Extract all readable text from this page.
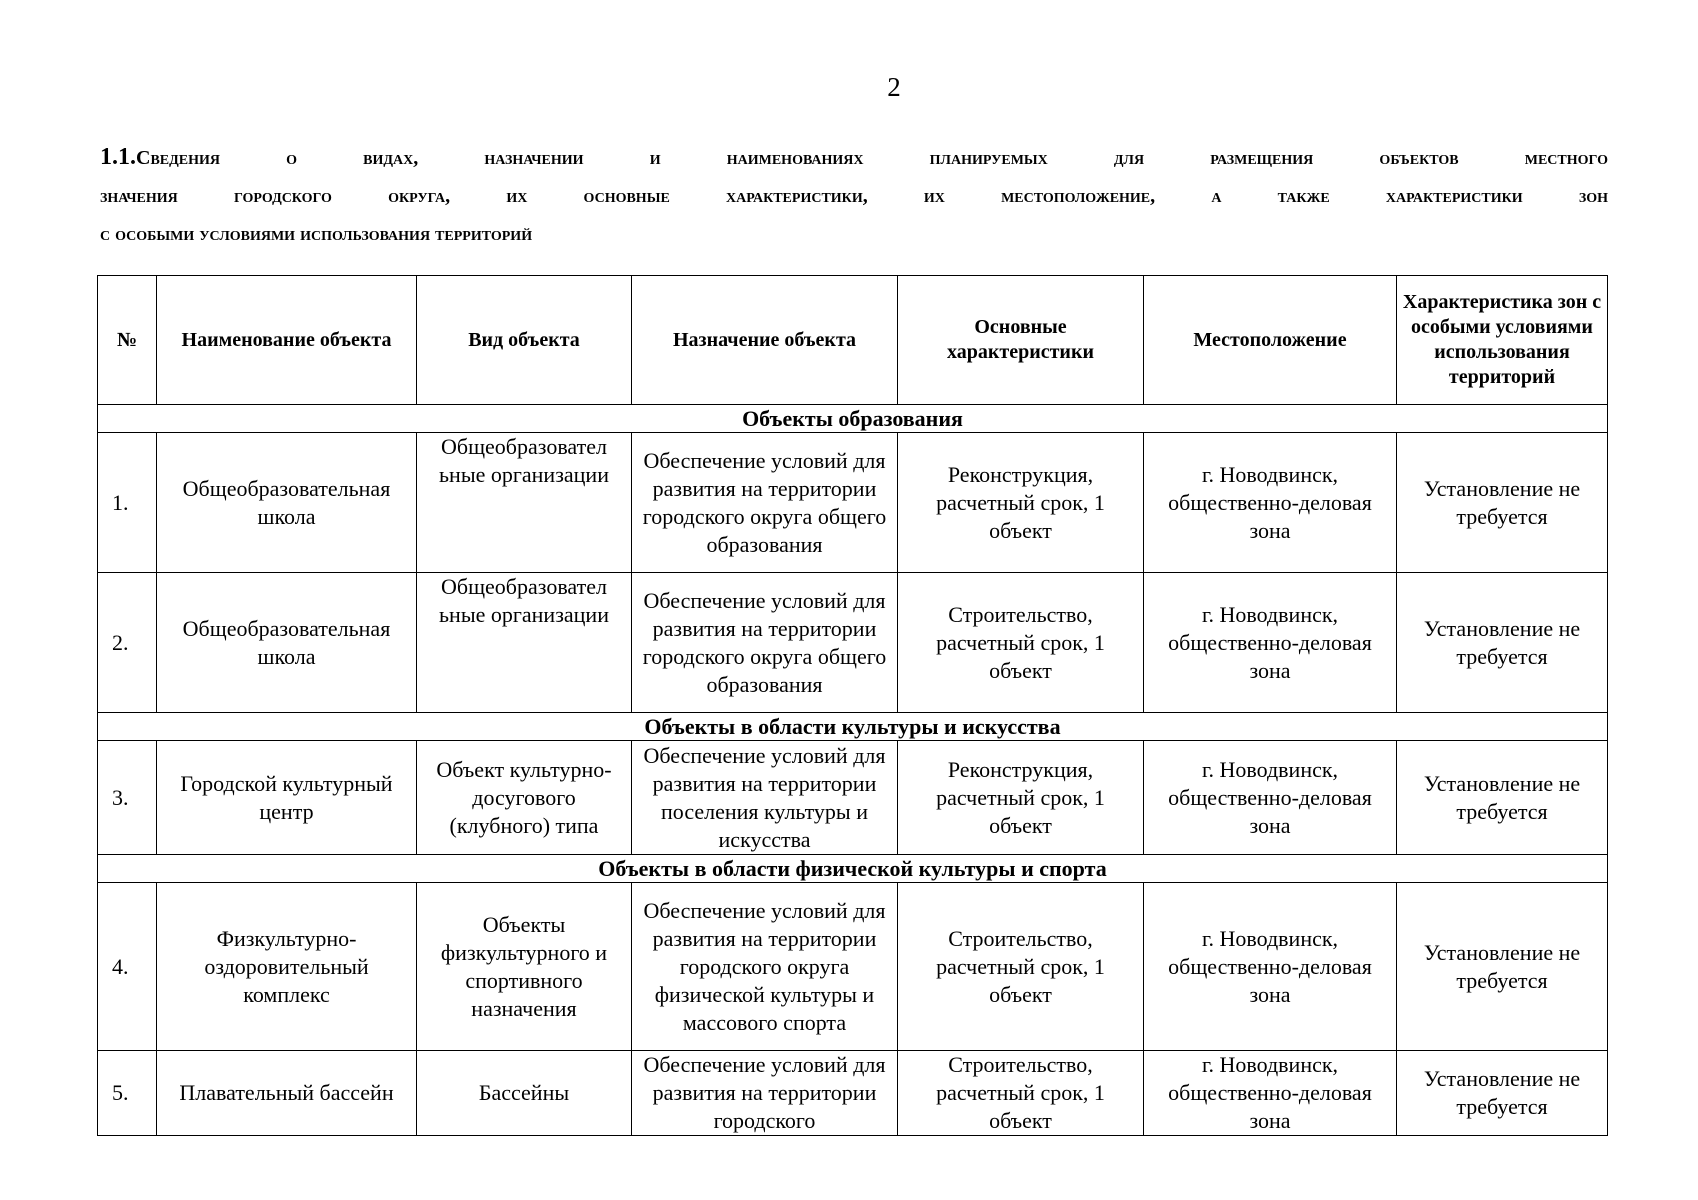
2
1.1.Сведения о видах, назначении и наименованиях планируемых для размещения объектов местного
значения городского округа, их основные характеристики, их местоположение, а также характеристики зон
с особыми условиями использования территорий
№	Наименование объекта	Вид объекта	Назначение объекта	Основные характеристики	Местоположение	Характеристика зон с особыми условиями использования территорий
Объекты образования						
1.	Общеобразовательная школа	Общеобразовател ьные организации	Обеспечение условий для развития на территории городского округа общего образования	Реконструкция, расчетный срок, 1 объект	г. Новодвинск, общественно-деловая зона	Установление не требуется
2.	Общеобразовательная школа	Общеобразовател ьные организации	Обеспечение условий для развития на территории городского округа общего образования	Строительство, расчетный срок, 1 объект	г. Новодвинск, общественно-деловая зона	Установление не требуется
Объекты в области культуры и искусства						
3.	Городской культурный центр	Объект культурно-досугового (клубного) типа	Обеспечение условий для развития на территории поселения культуры и искусства	Реконструкция, расчетный срок, 1 объект	г. Новодвинск, общественно-деловая зона	Установление не требуется
Объекты в области физической культуры и спорта						
4.	Физкультурно-оздоровительный комплекс	Объекты физкультурного и спортивного назначения	Обеспечение условий для развития на территории городского округа физической культуры и массового спорта	Строительство, расчетный срок, 1 объект	г. Новодвинск, общественно-деловая зона	Установление не требуется
5.	Плавательный бассейн	Бассейны	Обеспечение условий для развития на территории городского	Строительство, расчетный срок, 1 объект	г. Новодвинск, общественно-деловая зона	Установление не требуется
